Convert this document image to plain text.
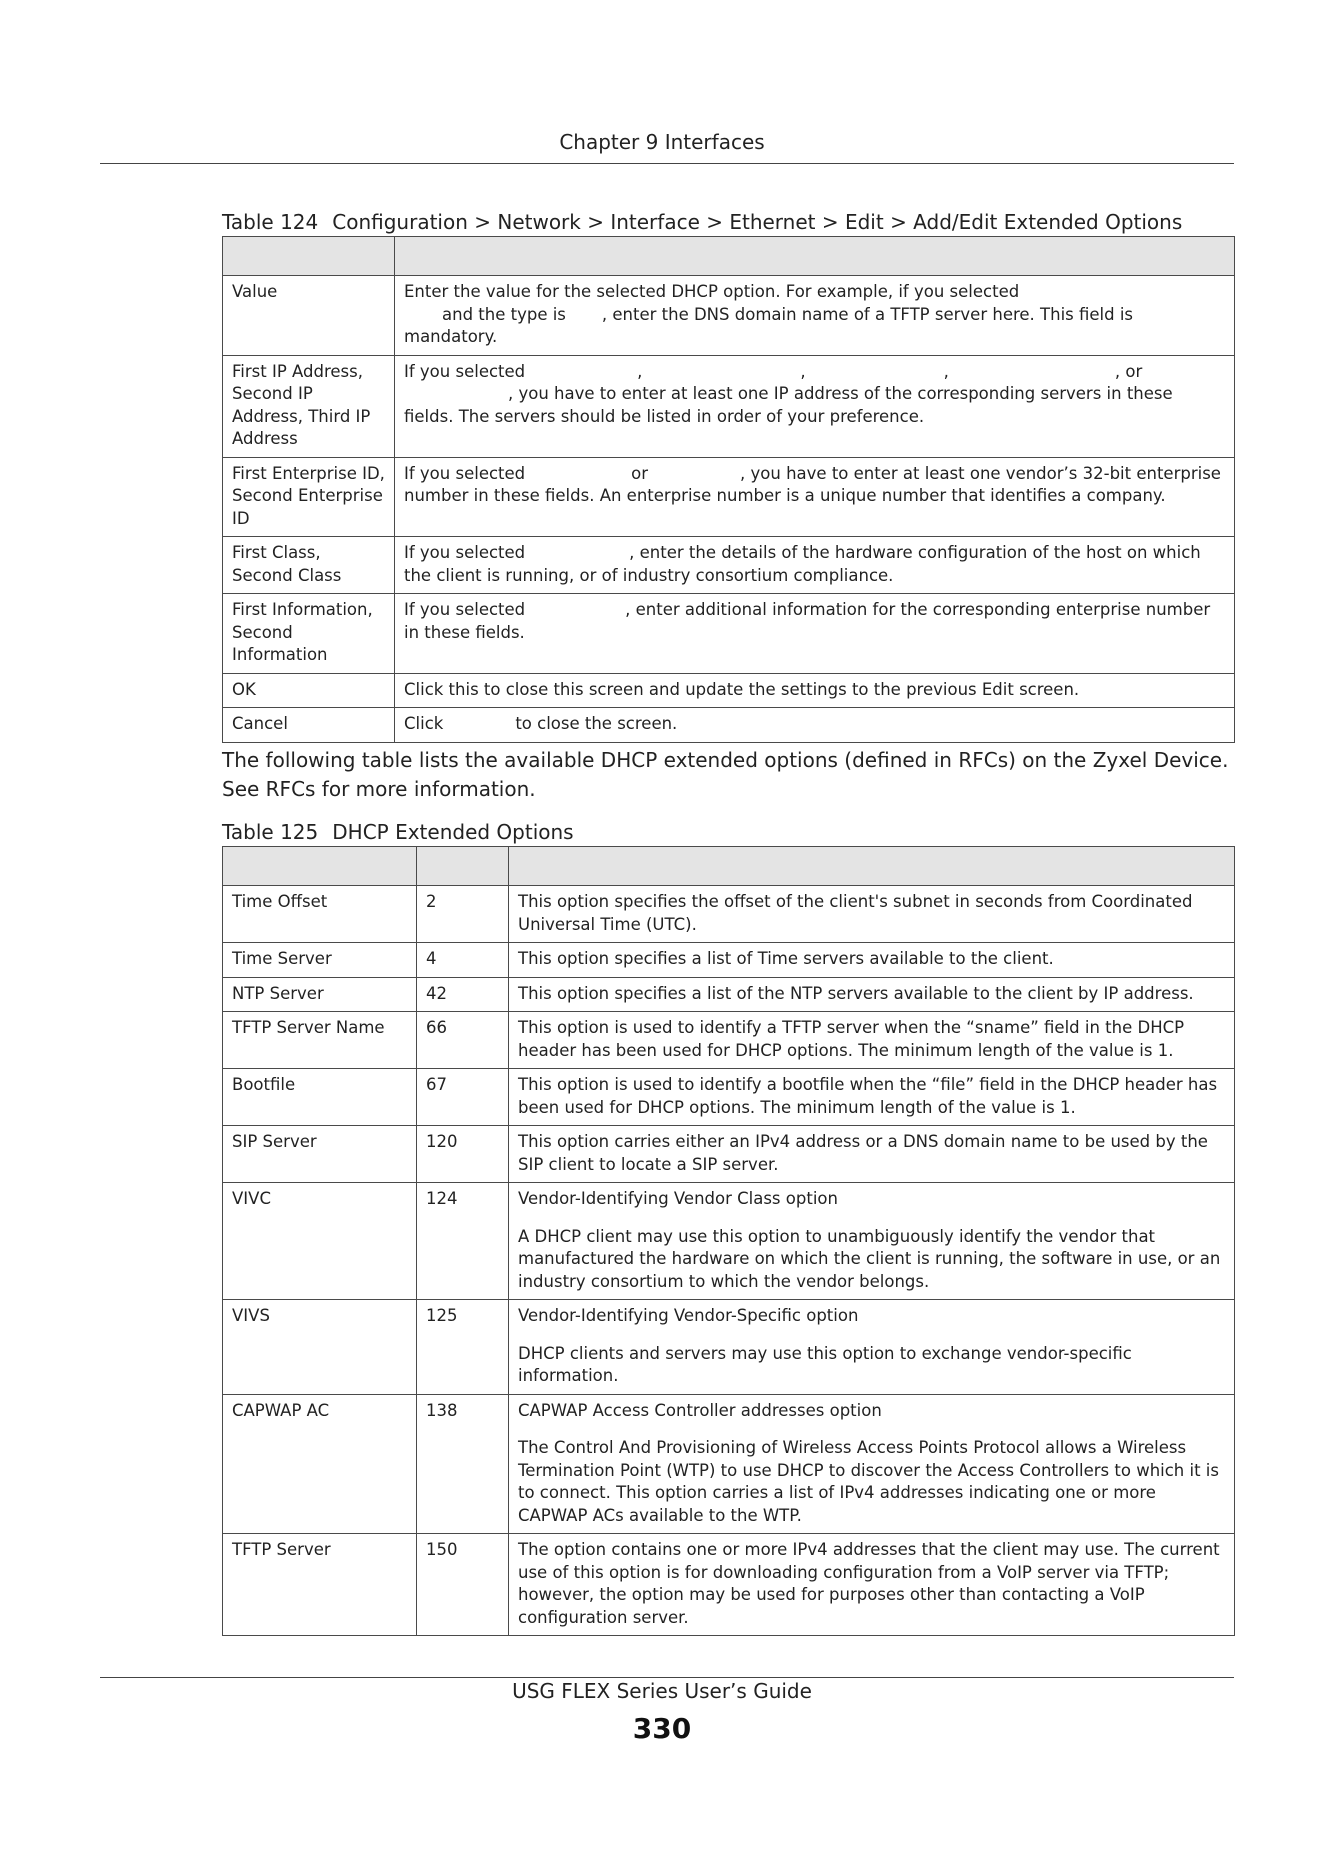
Chapter 9 Interfaces
Table 124 Configuration > Network > Interface > Ethernet > Edit > Add/Edit Extended Options

Value	Enter the value for the selected DHCP option. For example, if you selected
and the type is , enter the DNS domain name of a TFTP server here. This field is mandatory.
First IP Address, Second IP Address, Third IP Address	If you selected , , , , or
, you have to enter at least one IP address of the corresponding servers in these fields. The servers should be listed in order of your preference.
First Enterprise ID, Second Enterprise ID	If you selected or , you have to enter at least one vendor’s 32-bit enterprise number in these fields. An enterprise number is a unique number that identifies a company.
First Class, Second Class	If you selected , enter the details of the hardware configuration of the host on which the client is running, or of industry consortium compliance.
First Information, Second Information	If you selected , enter additional information for the corresponding enterprise number in these fields.
OK	Click this to close this screen and update the settings to the previous Edit screen.
Cancel	Click to close the screen.
The following table lists the available DHCP extended options (defined in RFCs) on the Zyxel Device. See RFCs for more information.
Table 125 DHCP Extended Options

Time Offset	2	This option specifies the offset of the client's subnet in seconds from Coordinated Universal Time (UTC).

Time Server	4	This option specifies a list of Time servers available to the client.

NTP Server	42	This option specifies a list of the NTP servers available to the client by IP address.

TFTP Server Name	66	This option is used to identify a TFTP server when the “sname” field in the DHCP header has been used for DHCP options. The minimum length of the value is 1.

Bootfile	67	This option is used to identify a bootfile when the “file” field in the DHCP header has been used for DHCP options. The minimum length of the value is 1.

SIP Server	120	This option carries either an IPv4 address or a DNS domain name to be used by the SIP client to locate a SIP server.

VIVC	124	Vendor-Identifying Vendor Class option

A DHCP client may use this option to unambiguously identify the vendor that manufactured the hardware on which the client is running, the software in use, or an industry consortium to which the vendor belongs.

VIVS	125	Vendor-Identifying Vendor-Specific option

DHCP clients and servers may use this option to exchange vendor-specific information.

CAPWAP AC	138	CAPWAP Access Controller addresses option

The Control And Provisioning of Wireless Access Points Protocol allows a Wireless Termination Point (WTP) to use DHCP to discover the Access Controllers to which it is to connect. This option carries a list of IPv4 addresses indicating one or more CAPWAP ACs available to the WTP.

TFTP Server	150	The option contains one or more IPv4 addresses that the client may use. The current use of this option is for downloading configuration from a VoIP server via TFTP; however, the option may be used for purposes other than contacting a VoIP configuration server.

USG FLEX Series User’s Guide
330
